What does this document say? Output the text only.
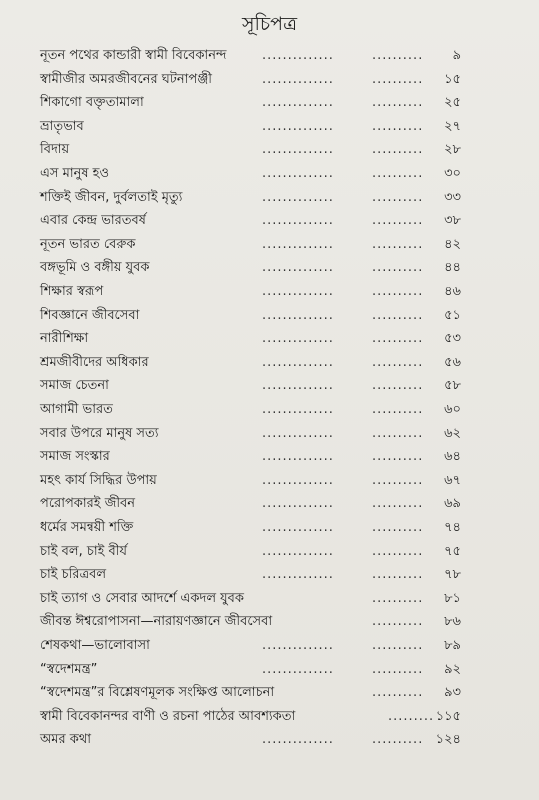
সূচিপত্র
নূতন পথের কান্ডারী স্বামী বিবেকানন্দ	..............	.......... ৯
স্বামীজীর অমরজীবনের ঘটনাপঞ্জী	..............	.......... ১৫
শিকাগো বক্তৃতামালা	..............	.......... ২৫
ভ্রাতৃভাব	..............	.......... ২৭
বিদায়	..............	.......... ২৮
এস মানুষ হও	..............	.......... ৩০
শক্তিই জীবন, দুর্বলতাই মৃত্যু	..............	.......... ৩৩
এবার কেন্দ্র ভারতবর্ষ	..............	.......... ৩৮
নূতন ভারত বেরুক	..............	.......... ৪২
বঙ্গভূমি ও বঙ্গীয় যুবক	..............	.......... ৪৪
শিক্ষার স্বরূপ	..............	.......... ৪৬
শিবজ্ঞানে জীবসেবা	..............	.......... ৫১
নারীশিক্ষা	..............	.......... ৫৩
শ্রমজীবীদের অধিকার	..............	.......... ৫৬
সমাজ চেতনা	..............	.......... ৫৮
আগামী ভারত	..............	.......... ৬০
সবার উপরে মানুষ সত্য	..............	.......... ৬২
সমাজ সংস্কার	..............	.......... ৬৪
মহৎ কার্য সিদ্ধির উপায়	..............	.......... ৬৭
পরোপকারই জীবন	..............	.......... ৬৯
ধর্মের সমন্বয়ী শক্তি	..............	.......... ৭৪
চাই বল, চাই বীর্য	..............	.......... ৭৫
চাই চরিত্রবল	..............	.......... ৭৮
চাই ত্যাগ ও সেবার আদর্শে একদল যুবক	.......... ৮১
জীবন্ত ঈশ্বরোপাসনা—নারায়ণজ্ঞানে জীবসেবা	.......... ৮৬
শেষকথা—ভালোবাসা	..............	.......... ৮৯
“স্বদেশমন্ত্র”	..............	.......... ৯২
“স্বদেশমন্ত্র”র বিশ্লেষণমূলক সংক্ষিপ্ত আলোচনা	.......... ৯৩
স্বামী বিবেকানন্দর বাণী ও রচনা পাঠের আবশ্যকতা	......... ১১৫
অমর কথা	..............	.......... ১২৪
